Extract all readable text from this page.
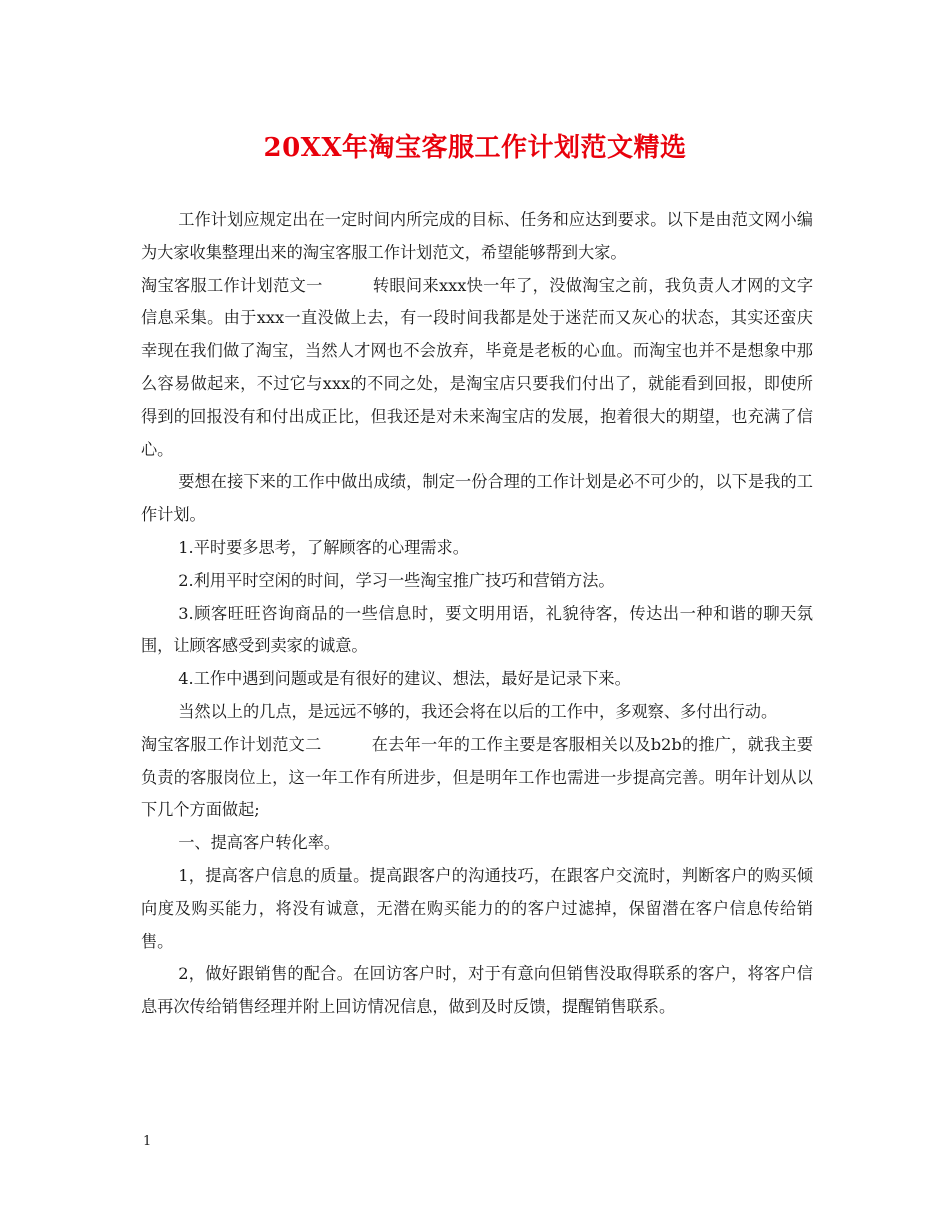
20XX年淘宝客服工作计划范文精选

工作计划应规定出在一定时间内所完成的目标、任务和应达到要求。以下是由范文网小编为大家收集整理出来的淘宝客服工作计划范文，希望能够帮到大家。

淘宝客服工作计划范文一	转眼间来xxx快一年了，没做淘宝之前，我负责人才网的文字信息采集。由于xxx一直没做上去，有一段时间我都是处于迷茫而又灰心的状态，其实还蛮庆幸现在我们做了淘宝，当然人才网也不会放弃，毕竟是老板的心血。而淘宝也并不是想象中那么容易做起来，不过它与xxx的不同之处，是淘宝店只要我们付出了，就能看到回报，即使所得到的回报没有和付出成正比，但我还是对未来淘宝店的发展，抱着很大的期望，也充满了信心。

要想在接下来的工作中做出成绩，制定一份合理的工作计划是必不可少的，以下是我的工作计划。

1.平时要多思考，了解顾客的心理需求。

2.利用平时空闲的时间，学习一些淘宝推广技巧和营销方法。

3.顾客旺旺咨询商品的一些信息时，要文明用语，礼貌待客，传达出一种和谐的聊天氛围，让顾客感受到卖家的诚意。

4.工作中遇到问题或是有很好的建议、想法，最好是记录下来。

当然以上的几点，是远远不够的，我还会将在以后的工作中，多观察、多付出行动。

淘宝客服工作计划范文二	在去年一年的工作主要是客服相关以及b2b的推广，就我主要负责的客服岗位上，这一年工作有所进步，但是明年工作也需进一步提高完善。明年计划从以下几个方面做起;

一、提高客户转化率。

1，提高客户信息的质量。提高跟客户的沟通技巧，在跟客户交流时，判断客户的购买倾向度及购买能力，将没有诚意，无潜在购买能力的的客户过滤掉，保留潜在客户信息传给销售。

2，做好跟销售的配合。在回访客户时，对于有意向但销售没取得联系的客户，将客户信息再次传给销售经理并附上回访情况信息，做到及时反馈，提醒销售联系。

1
